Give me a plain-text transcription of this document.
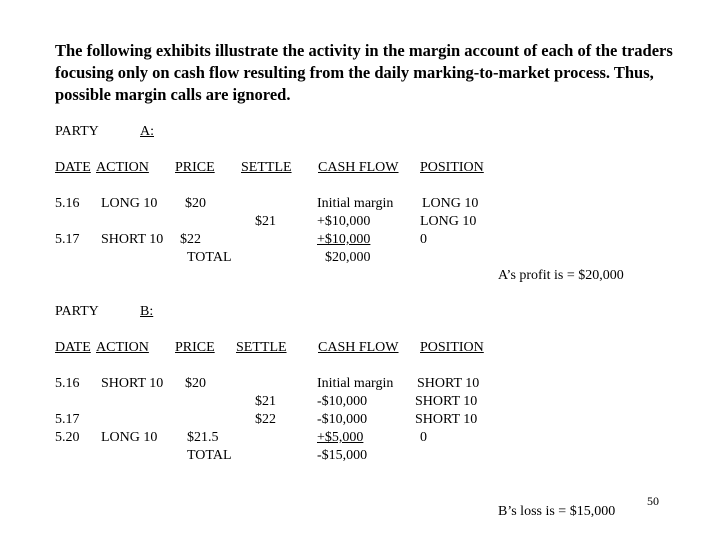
The following exhibits illustrate the activity in the margin account of each of the traders focusing only on cash flow resulting from the daily marking-to-market process. Thus, possible margin calls are ignored.
PARTY	A:
DATE ACTION PRICE SETTLE CASH FLOW POSITION
5.16 LONG 10 $20	Initial margin LONG 10
$21	+$10,000	LONG 10
5.17 SHORT 10 $22	+$10,000	0
TOTAL	$20,000
A’s profit is = $20,000
PARTY	B:
DATE ACTION PRICE SETTLE CASH FLOW POSITION
5.16 SHORT 10 $20	Initial margin SHORT 10
$21	-$10,000	SHORT 10
5.17	$22	-$10,000	SHORT 10
5.20 LONG 10 $21.5	+$5,000	0
TOTAL	-$15,000
B’s loss is = $15,000
50
